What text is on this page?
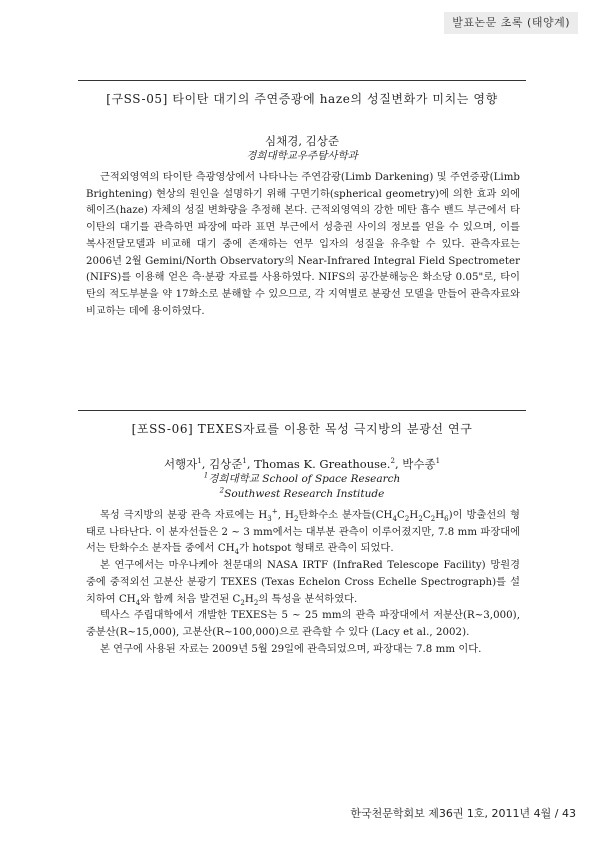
발표논문 초록 (태양계)
[구SS-05] 타이탄 대기의 주연증광에 haze의 성질변화가 미치는 영향
심채경, 김상준
경희대학교우주탐사학과

근적외영역의 타이탄 측광영상에서 나타나는 주연감광(Limb Darkening) 및 주연증광(Limb Brightening) 현상의 원인을 설명하기 위해 구면기하(spherical geometry)에 의한 효과 외에 헤이즈(haze) 자체의 성질 변화량을 추정해 본다. 근적외영역의 강한 메탄 흡수 밴드 부근에서 타이탄의 대기를 관측하면 파장에 따라 표면 부근에서 성층권 사이의 정보를 얻을 수 있으며, 이를 복사전달모델과 비교해 대기 중에 존재하는 연무 입자의 성질을 유추할 수 있다. 관측자료는 2006년 2월 Gemini/North Observatory의 Near-Infrared Integral Field Spectrometer (NIFS)를 이용해 얻은 측·분광 자료를 사용하였다. NIFS의 공간분해능은 화소당 0.05"로, 타이탄의 적도부분을 약 17화소로 분해할 수 있으므로, 각 지역별로 분광선 모델을 만들어 관측자료와 비교하는 데에 용이하였다.

[포SS-06] TEXES자료를 이용한 목성 극지방의 분광선 연구
서행자$^1$, 김상준$^1$, Thomas K. Greathouse.$^2$, 박수종$^1$
$^1$경희대학교 School of Space Research
$^2$Southwest Research Institude

목성 극지방의 분광 관측 자료에는 $H_3^+$, $H_2$탄화수소 분자들$(CH_4C_2H_2C_2H_6)$이 방출선의 형태로 나타난다. 이 분자선들은 2 ~ 3 mm에서는 대부분 관측이 이루어졌지만, 7.8 mm 파장대에서는 탄화수소 분자들 중에서 $CH_4$가 hotspot 형태로 관측이 되었다.

본 연구에서는 마우나케아 천문대의 NASA IRTF (InfraRed Telescope Facility) 망원경 중에 중적외선 고분산 분광기 TEXES (Texas Echelon Cross Echelle Spectrograph)를 설치하여 $CH_4$와 함께 처음 발견된 $C_2H_2$의 특성을 분석하였다.

텍사스 주립대학에서 개발한 TEXES는 5 ~ 25 mm의 관측 파장대에서 저분산(R~3,000), 중분산(R~15,000), 고분산(R~100,000)으로 관측할 수 있다 (Lacy et al., 2002).

본 연구에 사용된 자료는 2009년 5월 29일에 관측되었으며, 파장대는 7.8 mm 이다.

한국천문학회보 제36권 1호, 2011년 4월 / 43
